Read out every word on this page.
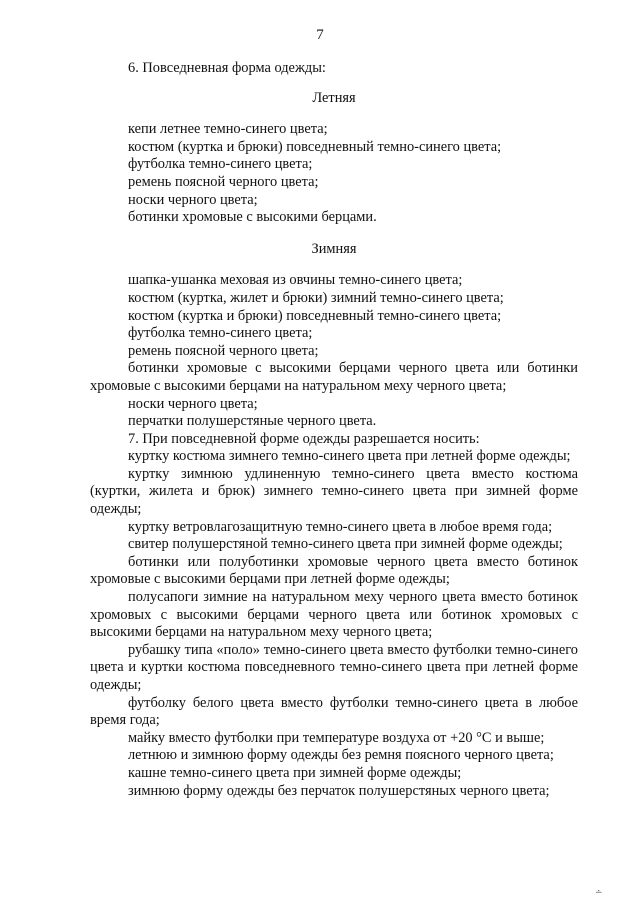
7

6. Повседневная форма одежды:

Летняя

кепи летнее темно-синего цвета;

костюм (куртка и брюки) повседневный темно-синего цвета;

футболка темно-синего цвета;

ремень поясной черного цвета;

носки черного цвета;

ботинки хромовые с высокими берцами.

Зимняя

шапка-ушанка меховая из овчины темно-синего цвета;

костюм (куртка, жилет и брюки) зимний темно-синего цвета;

костюм (куртка и брюки) повседневный темно-синего цвета;

футболка темно-синего цвета;

ремень поясной черного цвета;

ботинки хромовые с высокими берцами черного цвета или ботинки хромовые с высокими берцами на натуральном меху черного цвета;

носки черного цвета;

перчатки полушерстяные черного цвета.

7. При повседневной форме одежды разрешается носить:

куртку костюма зимнего темно-синего цвета при летней форме одежды;

куртку зимнюю удлиненную темно-синего цвета вместо костюма (куртки, жилета и брюк) зимнего темно-синего цвета при зимней форме одежды;

куртку ветровлагозащитную темно-синего цвета в любое время года;

свитер полушерстяной темно-синего цвета при зимней форме одежды;

ботинки или полуботинки хромовые черного цвета вместо ботинок хромовые с высокими берцами при летней форме одежды;

полусапоги зимние на натуральном меху черного цвета вместо ботинок хромовых с высокими берцами черного цвета или ботинок хромовых с высокими берцами на натуральном меху черного цвета;

рубашку типа «поло» темно-синего цвета вместо футболки темно-синего цвета и куртки костюма повседневного темно-синего цвета при летней форме одежды;

футболку белого цвета вместо футболки темно-синего цвета в любое время года;

майку вместо футболки при температуре воздуха от +20 °С и выше;

летнюю и зимнюю форму одежды без ремня поясного черного цвета;

кашне темно-синего цвета при зимней форме одежды;

зимнюю форму одежды без перчаток полушерстяных черного цвета;

∸
